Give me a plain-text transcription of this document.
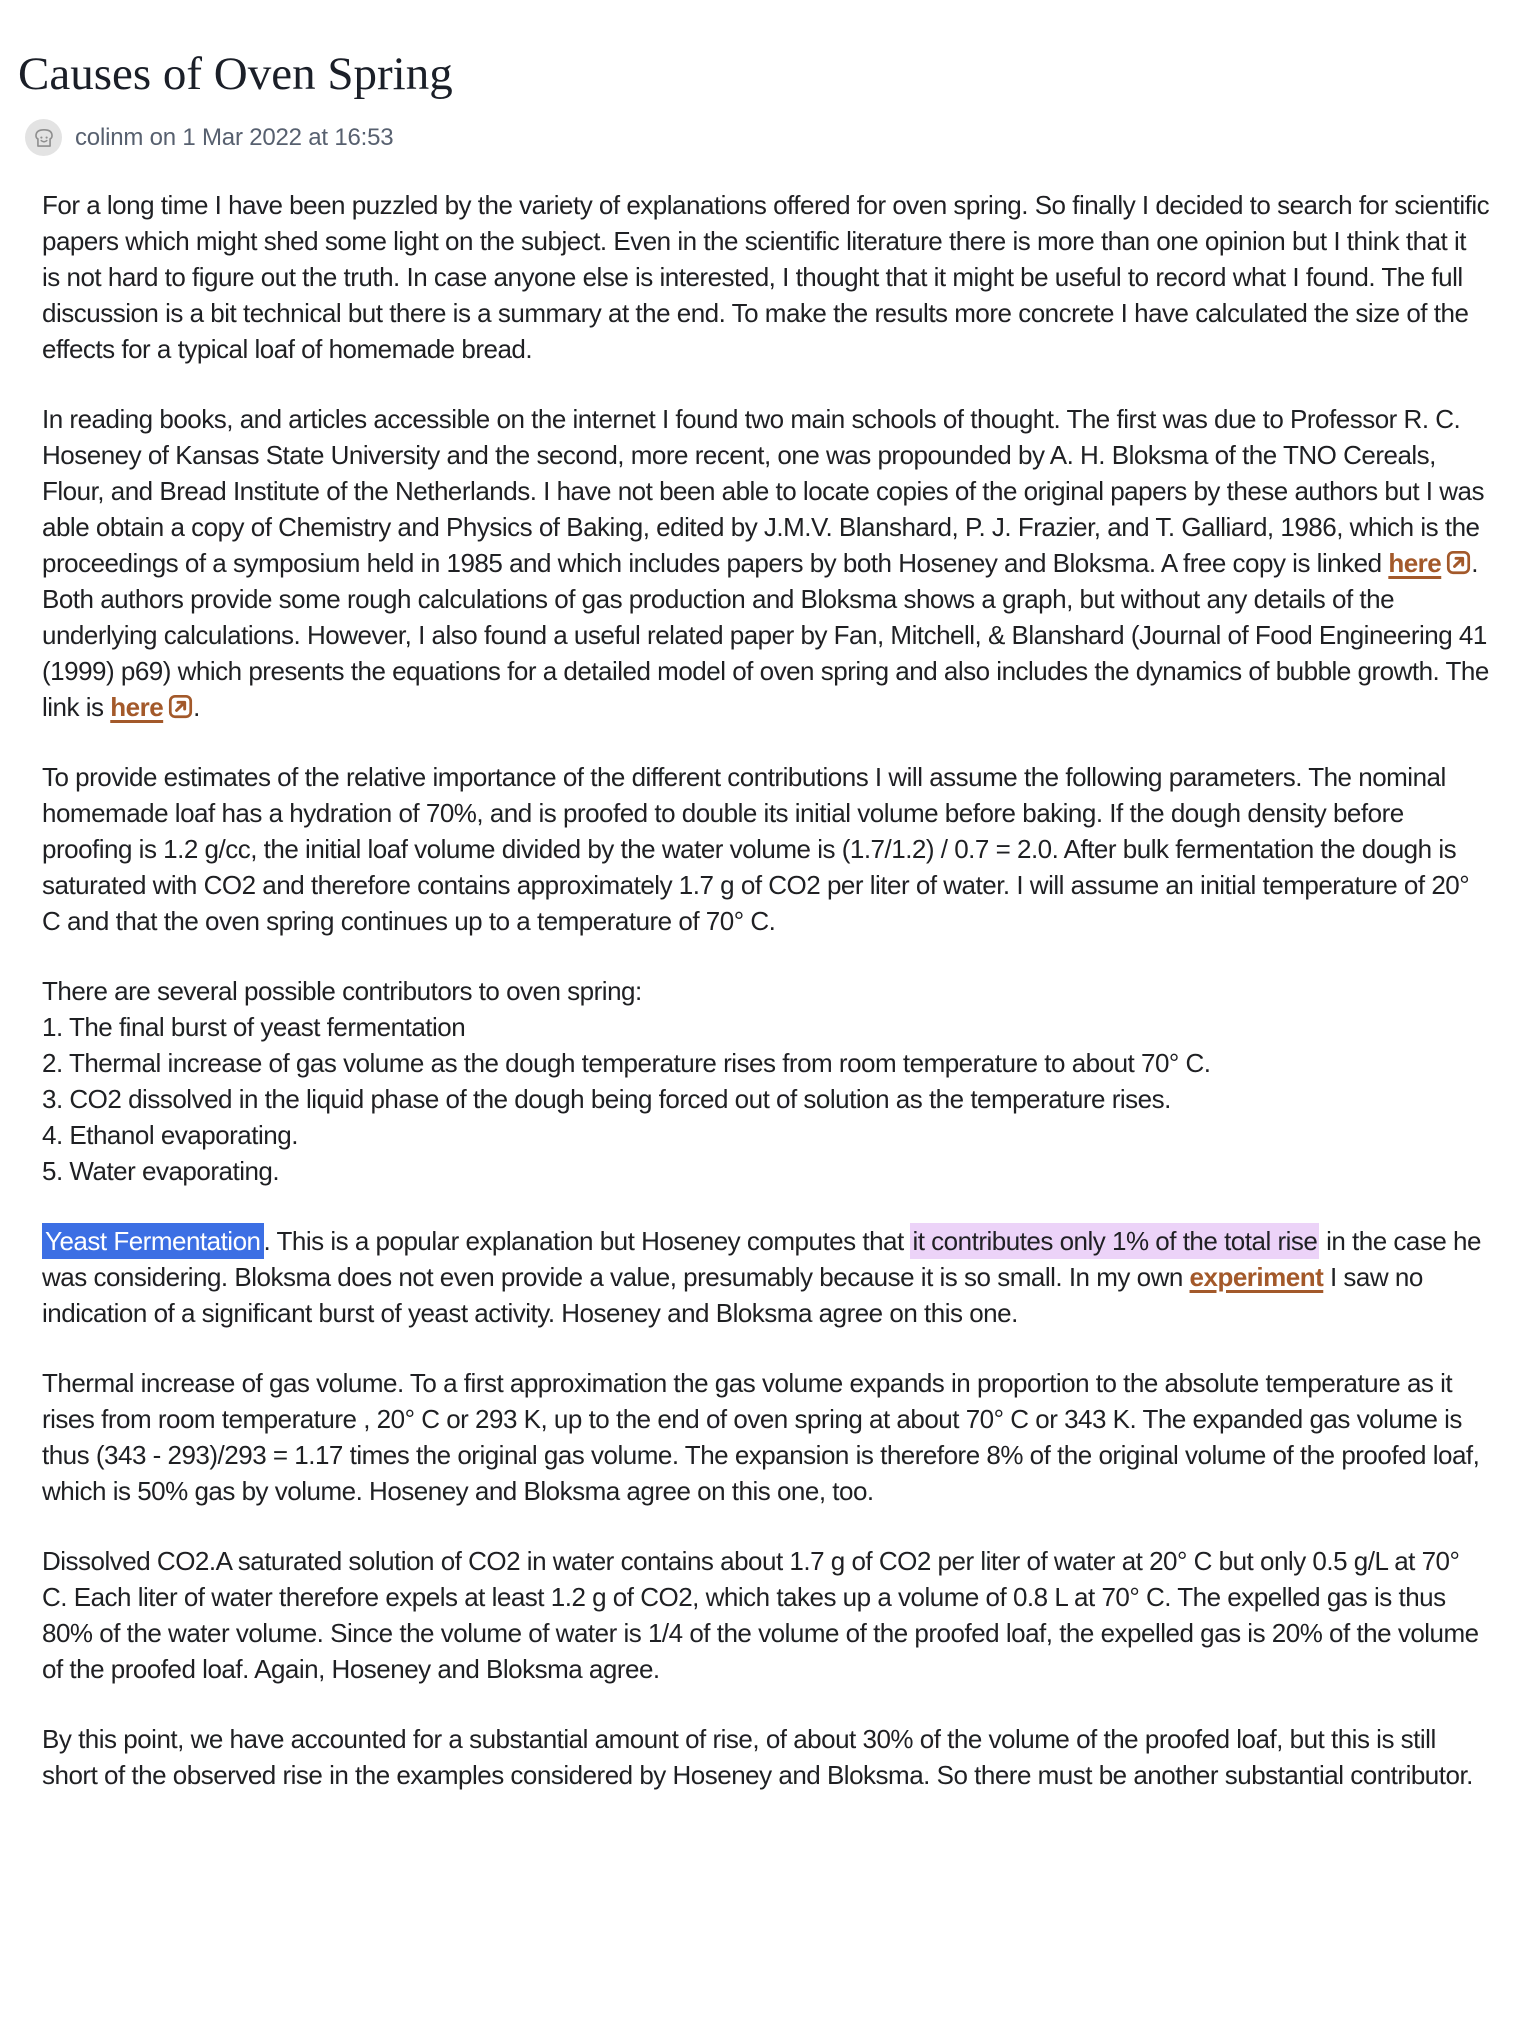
Causes of Oven Spring
colinm on 1 Mar 2022 at 16:53

For a long time I have been puzzled by the variety of explanations offered for oven spring. So finally I decided to search for scientific papers which might shed some light on the subject. Even in the scientific literature there is more than one opinion but I think that it is not hard to figure out the truth. In case anyone else is interested, I thought that it might be useful to record what I found. The full discussion is a bit technical but there is a summary at the end. To make the results more concrete I have calculated the size of the effects for a typical loaf of homemade bread.

In reading books, and articles accessible on the internet I found two main schools of thought. The first was due to Professor R. C. Hoseney of Kansas State University and the second, more recent, one was propounded by A. H. Bloksma of the TNO Cereals, Flour, and Bread Institute of the Netherlands. I have not been able to locate copies of the original papers by these authors but I was able obtain a copy of Chemistry and Physics of Baking, edited by J.M.V. Blanshard, P. J. Frazier, and T. Galliard, 1986, which is the proceedings of a symposium held in 1985 and which includes papers by both Hoseney and Bloksma. A free copy is linked here . Both authors provide some rough calculations of gas production and Bloksma shows a graph, but without any details of the underlying calculations. However, I also found a useful related paper by Fan, Mitchell, & Blanshard (Journal of Food Engineering 41 (1999) p69) which presents the equations for a detailed model of oven spring and also includes the dynamics of bubble growth. The link is here .

To provide estimates of the relative importance of the different contributions I will assume the following parameters. The nominal homemade loaf has a hydration of 70%, and is proofed to double its initial volume before baking. If the dough density before proofing is 1.2 g/cc, the initial loaf volume divided by the water volume is (1.7/1.2) / 0.7 = 2.0. After bulk fermentation the dough is saturated with CO2 and therefore contains approximately 1.7 g of CO2 per liter of water. I will assume an initial temperature of 20° C and that the oven spring continues up to a temperature of 70° C.

There are several possible contributors to oven spring:
1. The final burst of yeast fermentation
2. Thermal increase of gas volume as the dough temperature rises from room temperature to about 70° C.
3. CO2 dissolved in the liquid phase of the dough being forced out of solution as the temperature rises.
4. Ethanol evaporating.
5. Water evaporating.

Yeast Fermentation . This is a popular explanation but Hoseney computes that it contributes only 1% of the total rise in the case he was considering. Bloksma does not even provide a value, presumably because it is so small. In my own experiment I saw no indication of a significant burst of yeast activity. Hoseney and Bloksma agree on this one.

Thermal increase of gas volume. To a first approximation the gas volume expands in proportion to the absolute temperature as it rises from room temperature , 20° C or 293 K, up to the end of oven spring at about 70° C or 343 K. The expanded gas volume is thus (343 - 293)/293 = 1.17 times the original gas volume. The expansion is therefore 8% of the original volume of the proofed loaf, which is 50% gas by volume. Hoseney and Bloksma agree on this one, too.

Dissolved CO2.A saturated solution of CO2 in water contains about 1.7 g of CO2 per liter of water at 20° C but only 0.5 g/L at 70° C. Each liter of water therefore expels at least 1.2 g of CO2, which takes up a volume of 0.8 L at 70° C. The expelled gas is thus 80% of the water volume. Since the volume of water is 1/4 of the volume of the proofed loaf, the expelled gas is 20% of the volume of the proofed loaf. Again, Hoseney and Bloksma agree.

By this point, we have accounted for a substantial amount of rise, of about 30% of the volume of the proofed loaf, but this is still short of the observed rise in the examples considered by Hoseney and Bloksma. So there must be another substantial contributor.
